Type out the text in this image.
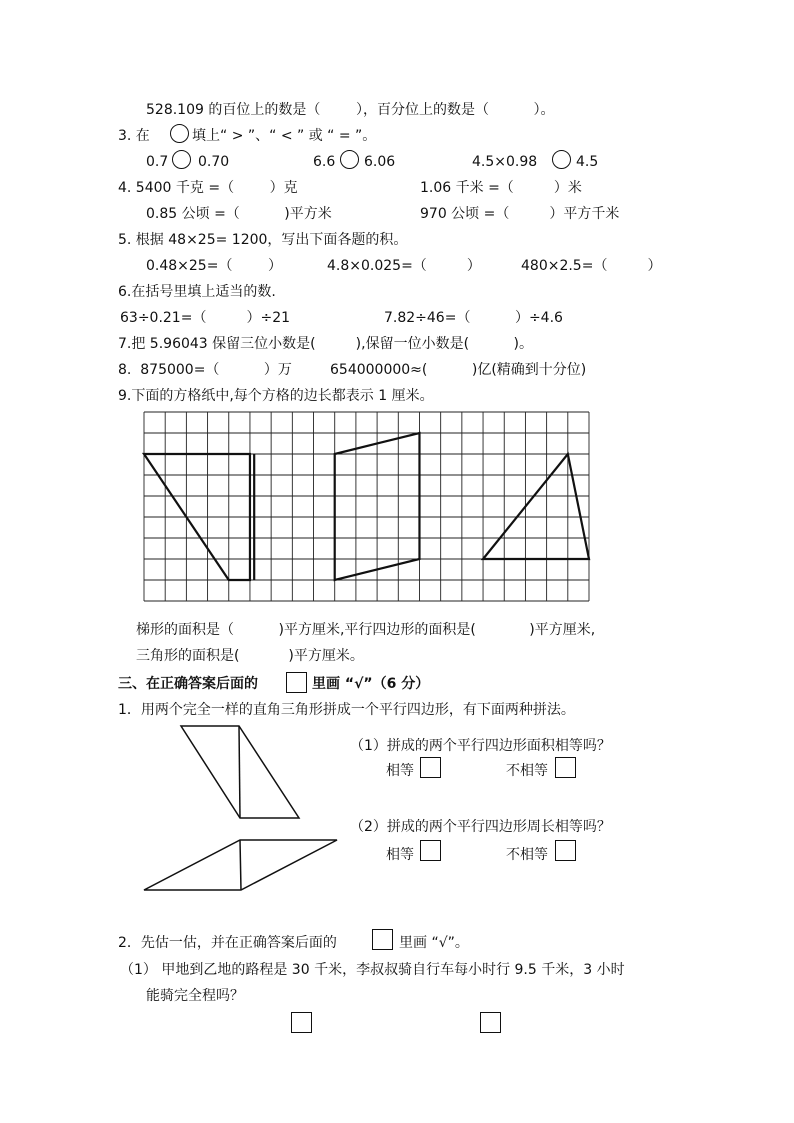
528.109 的百位上的数是（        ），百分位上的数是（          ）。
3. 在	填上“ > ”、“ < ” 或 “ = ”。
0.7 0.70	6.6 6.06	4.5×0.98	4.5
4. 5400 千克 =（        ）克	1.06 千米 =（         ）米
0.85 公顷 =（          )平方米	970 公顷 =（         ）平方千米
5. 根据 48×25= 1200，写出下面各题的积。
0.48×25=（        ）	4.8×0.025=（         ）	480×2.5=（         ）
6.在括号里填上适当的数.
63÷0.21=（         ）÷21	7.82÷46=（          ）÷4.6
7.把 5.96043 保留三位小数是(         ),保留一位小数是(          )。
8.  875000=（          ）万	654000000≈(          )亿(精确到十分位)
9.下面的方格纸中,每个方格的边长都表示 1 厘米。
梯形的面积是（          )平方厘米,平行四边形的面积是(            )平方厘米,
三角形的面积是(           )平方厘米。
三、在正确答案后面的	里画 “√”（6 分）
1．用两个完全一样的直角三角形拼成一个平行四边形，有下面两种拼法。
（1）拼成的两个平行四边形面积相等吗？
相等	不相等
（2）拼成的两个平行四边形周长相等吗？
相等	不相等
2．先估一估，并在正确答案后面的	里画 “√”。
（1） 甲地到乙地的路程是 30 千米，李叔叔骑自行车每小时行 9.5 千米，3 小时
能骑完全程吗？
